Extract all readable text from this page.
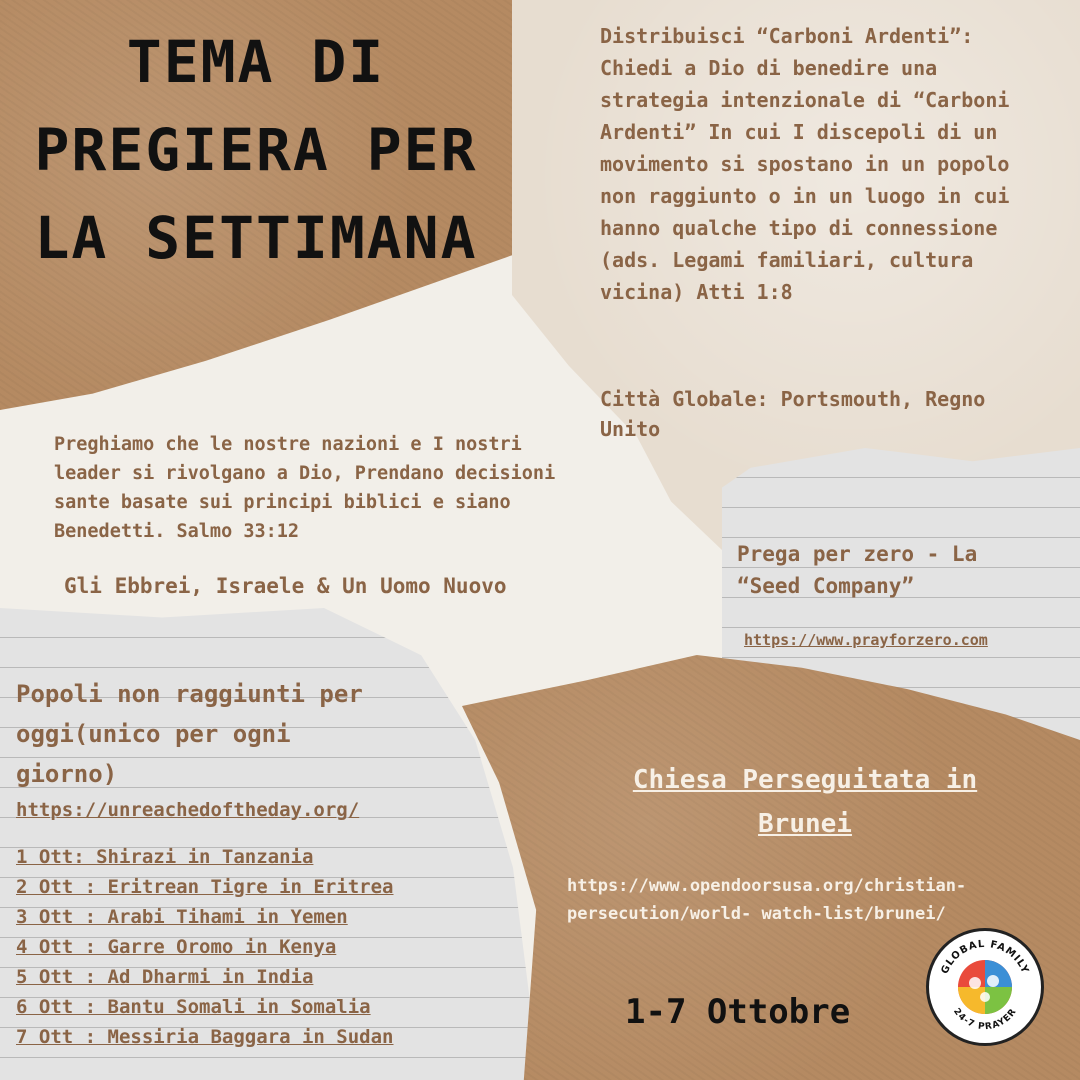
TEMA DI
PREGIERA PER
LA SETTIMANA
Distribuisci “Carboni Ardenti”: Chiedi a Dio di benedire una strategia intenzionale di “Carboni Ardenti” In cui I discepoli di un movimento si spostano in un popolo non raggiunto o in un luogo in cui hanno qualche tipo di connessione (ads. Legami familiari, cultura vicina) Atti 1:8
Città Globale: Portsmouth, Regno Unito
Preghiamo che le nostre nazioni e I nostri leader si rivolgano a Dio, Prendano decisioni sante basate sui principi biblici e siano Benedetti. Salmo 33:12
Gli Ebbrei, Israele & Un Uomo Nuovo
Prega per zero - La “Seed Company”
https://www.prayforzero.com
Popoli non raggiunti per oggi(unico per ogni giorno)
https://unreachedoftheday.org/
1 Ott: Shirazi in Tanzania
2 Ott : Eritrean Tigre in Eritrea
3 Ott : Arabi Tihami in Yemen
4 Ott : Garre Oromo in Kenya
5 Ott : Ad Dharmi in India
6 Ott : Bantu Somali in Somalia
7 Ott : Messiria Baggara in Sudan
Chiesa Perseguitata in Brunei
https://www.opendoorsusa.org/christian-persecution/world- watch-list/brunei/
1-7 Ottobre
GLOBAL FAMILY
24-7 PRAYER
